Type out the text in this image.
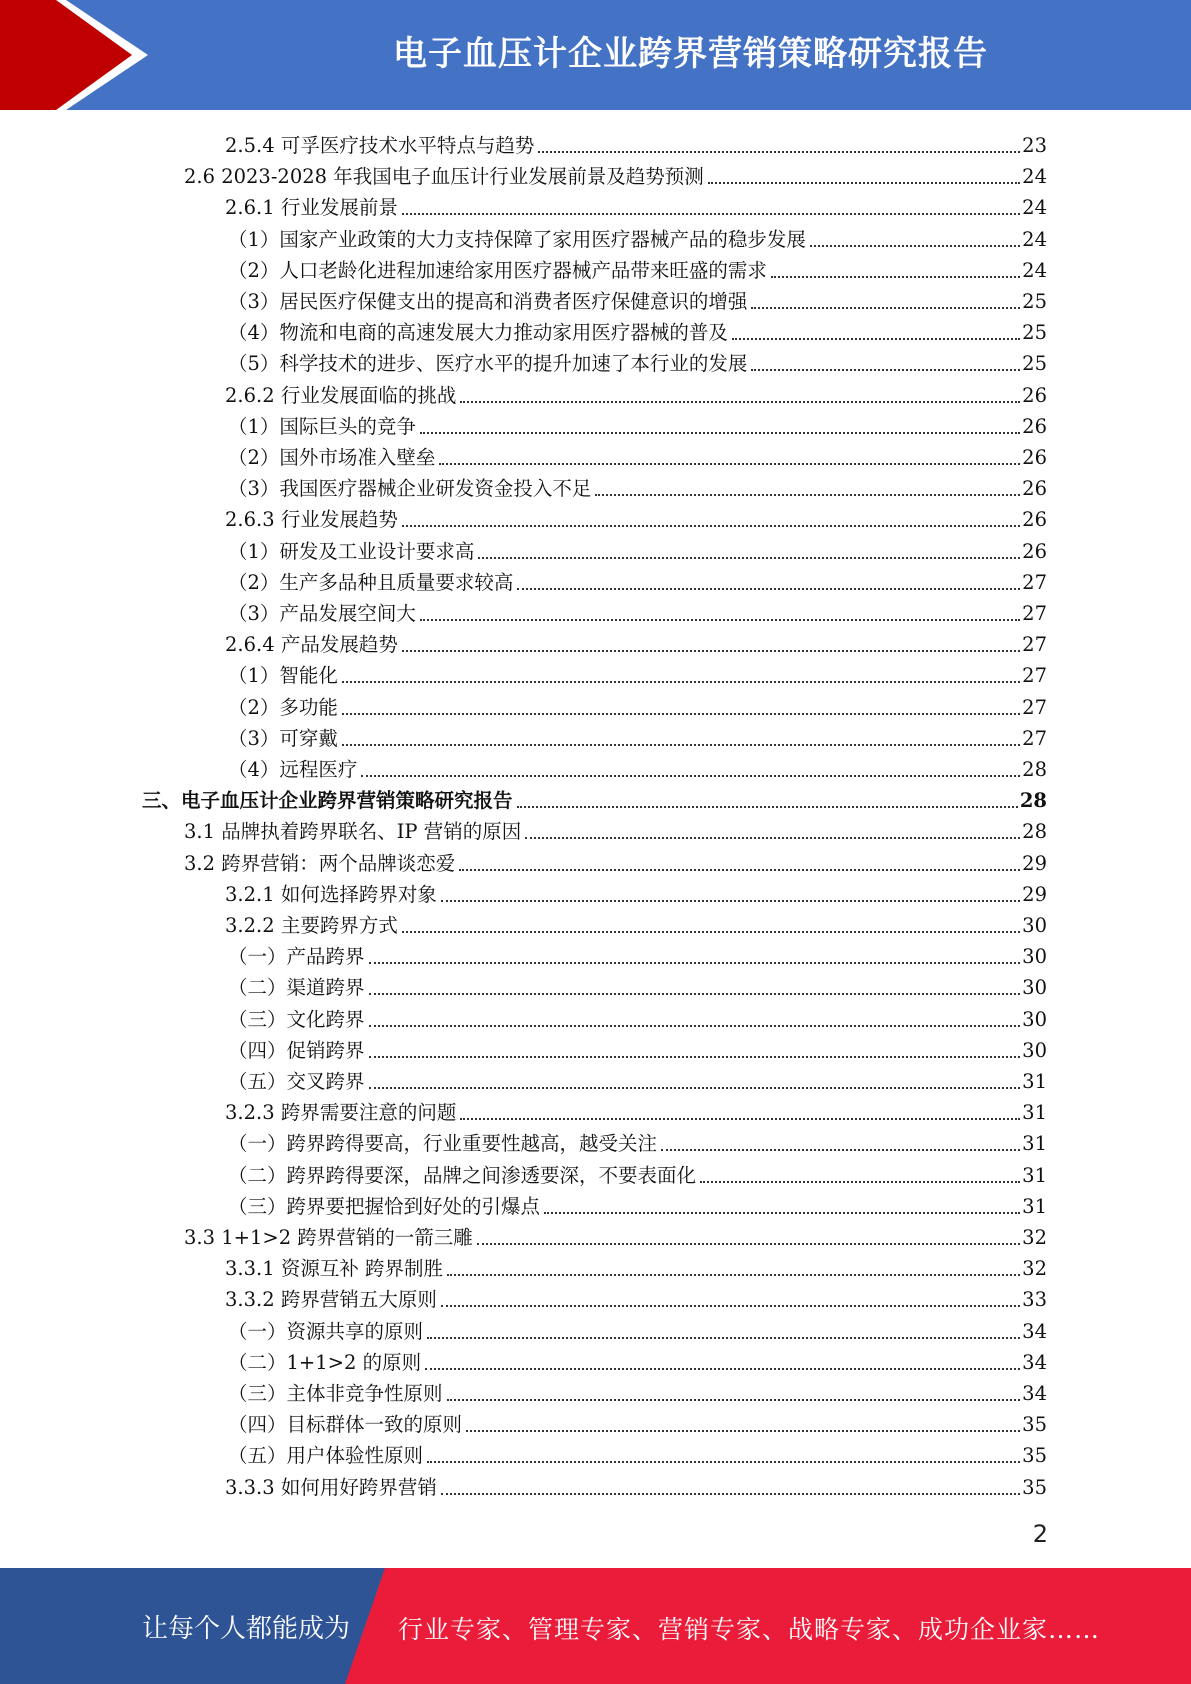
电子血压计企业跨界营销策略研究报告
2.5.4 可孚医疗技术水平特点与趋势	23
2.6 2023-2028 年我国电子血压计行业发展前景及趋势预测	24
2.6.1 行业发展前景	24
（1）国家产业政策的大力支持保障了家用医疗器械产品的稳步发展	24
（2）人口老龄化进程加速给家用医疗器械产品带来旺盛的需求	24
（3）居民医疗保健支出的提高和消费者医疗保健意识的增强	25
（4）物流和电商的高速发展大力推动家用医疗器械的普及	25
（5）科学技术的进步、医疗水平的提升加速了本行业的发展	25
2.6.2 行业发展面临的挑战	26
（1）国际巨头的竞争	26
（2）国外市场准入壁垒	26
（3）我国医疗器械企业研发资金投入不足	26
2.6.3 行业发展趋势	26
（1）研发及工业设计要求高	26
（2）生产多品种且质量要求较高	27
（3）产品发展空间大	27
2.6.4 产品发展趋势	27
（1）智能化	27
（2）多功能	27
（3）可穿戴	27
（4）远程医疗	28
三、电子血压计企业跨界营销策略研究报告	28
3.1 品牌执着跨界联名、IP 营销的原因	28
3.2 跨界营销：两个品牌谈恋爱	29
3.2.1 如何选择跨界对象	29
3.2.2 主要跨界方式	30
（一）产品跨界	30
（二）渠道跨界	30
（三）文化跨界	30
（四）促销跨界	30
（五）交叉跨界	31
3.2.3 跨界需要注意的问题	31
（一）跨界跨得要高，行业重要性越高，越受关注	31
（二）跨界跨得要深，品牌之间渗透要深，不要表面化	31
（三）跨界要把握恰到好处的引爆点	31
3.3 1+1>2 跨界营销的一箭三雕	32
3.3.1 资源互补 跨界制胜	32
3.3.2 跨界营销五大原则	33
（一）资源共享的原则	34
（二）1+1>2 的原则	34
（三）主体非竞争性原则	34
（四）目标群体一致的原则	35
（五）用户体验性原则	35
3.3.3 如何用好跨界营销	35
2
让每个人都能成为 行业专家、管理专家、营销专家、战略专家、成功企业家……
